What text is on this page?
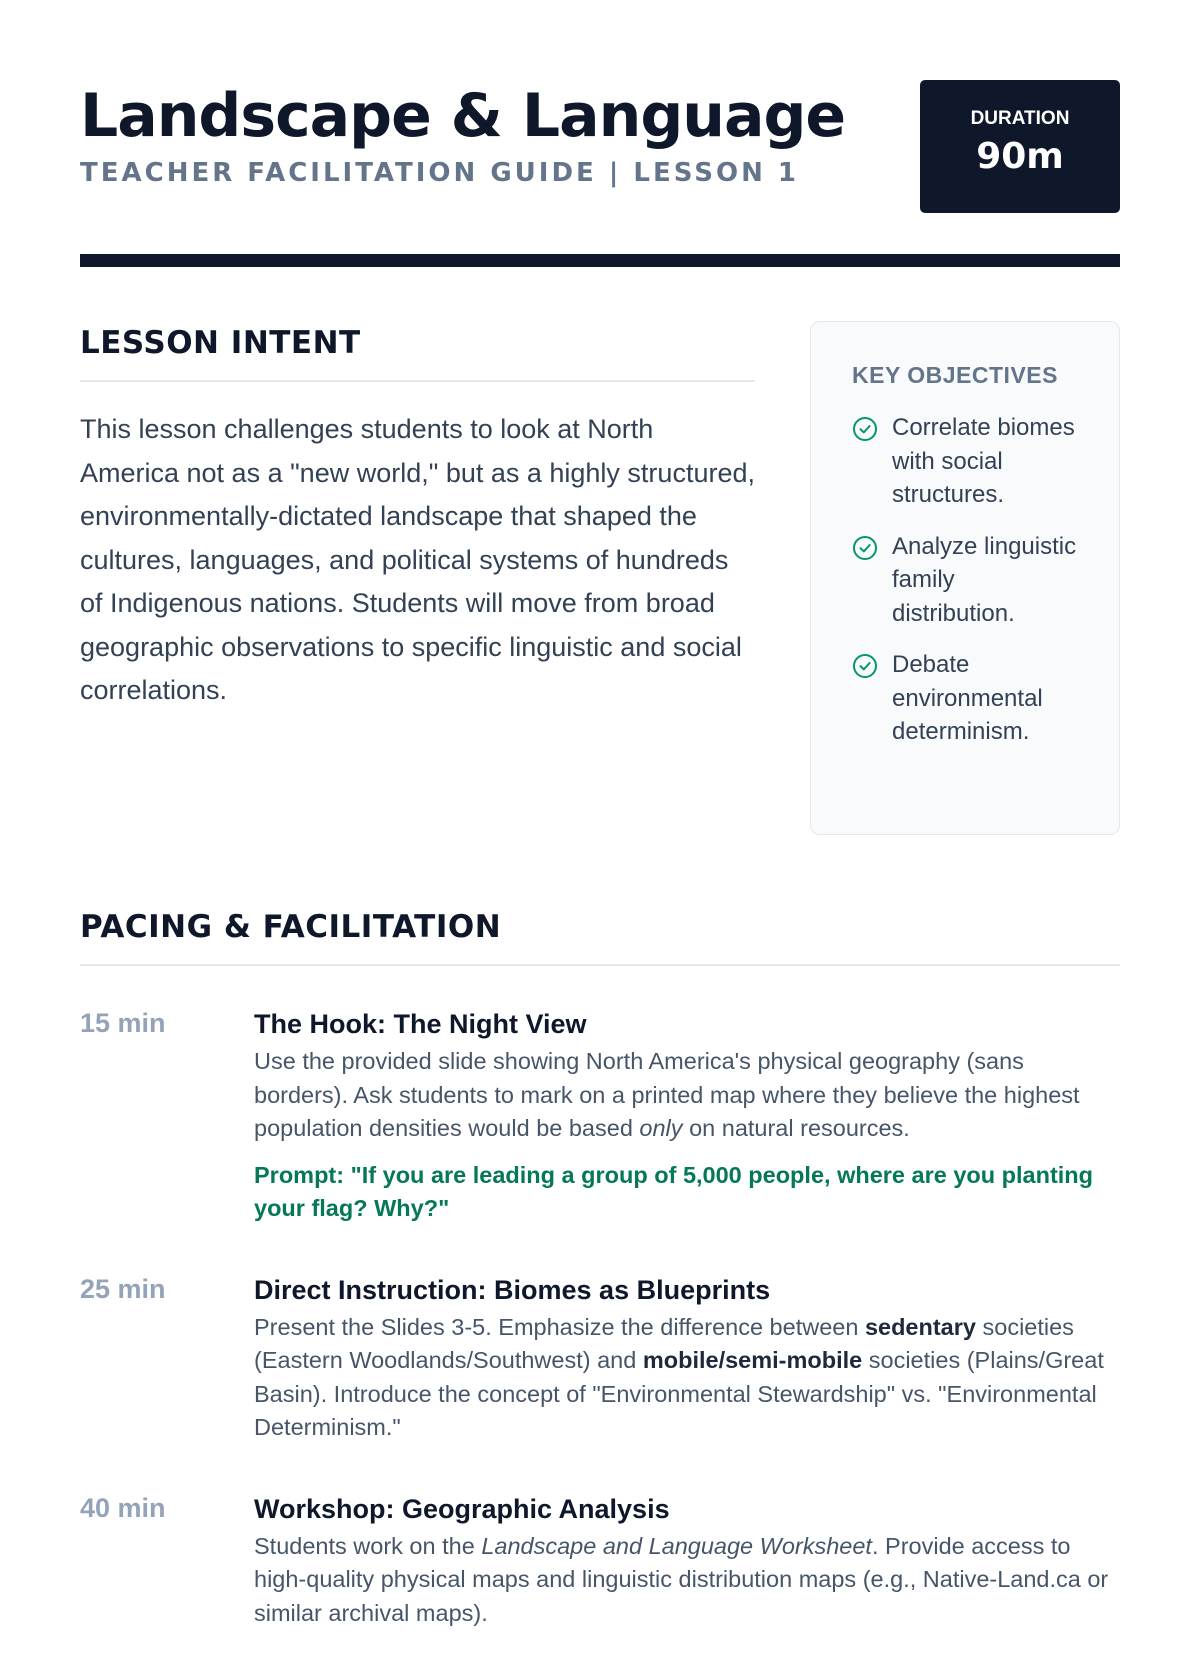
Landscape & Language
TEACHER FACILITATION GUIDE | LESSON 1
DURATION
90m
LESSON INTENT

This lesson challenges students to look at North America not as a "new world," but as a highly structured, environmentally-dictated landscape that shaped the cultures, languages, and political systems of hundreds of Indigenous nations. Students will move from broad geographic observations to specific linguistic and social correlations.

KEY OBJECTIVES
Correlate biomes with social structures.
Analyze linguistic family distribution.
Debate environmental determinism.
PACING & FACILITATION
15 min	The Hook: The Night View
Use the provided slide showing North America's physical geography (sans borders). Ask students to mark on a printed map where they believe the highest population densities would be based only on natural resources.
Prompt: "If you are leading a group of 5,000 people, where are you planting your flag? Why?"
25 min	Direct Instruction: Biomes as Blueprints
Present the Slides 3-5. Emphasize the difference between sedentary societies (Eastern Woodlands/Southwest) and mobile/semi-mobile societies (Plains/Great Basin). Introduce the concept of "Environmental Stewardship" vs. "Environmental Determinism."
40 min	Workshop: Geographic Analysis
Students work on the Landscape and Language Worksheet. Provide access to high-quality physical maps and linguistic distribution maps (e.g., Native-Land.ca or similar archival maps).
